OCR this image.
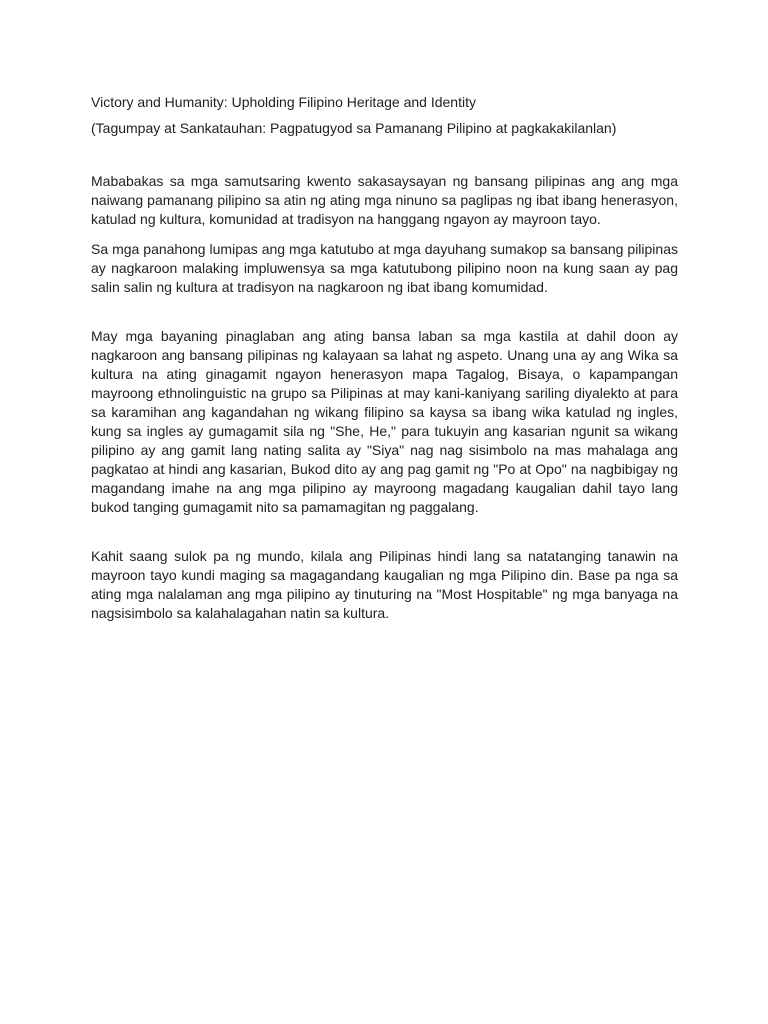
Victory and Humanity: Upholding Filipino Heritage and Identity

(Tagumpay at Sankatauhan: Pagpatugyod sa Pamanang Pilipino at pagkakakilanlan)

Mababakas sa mga samutsaring kwento sakasaysayan ng bansang pilipinas ang ang mga naiwang pamanang pilipino sa atin ng ating mga ninuno sa paglipas ng ibat ibang henerasyon, katulad ng kultura, komunidad at tradisyon na hanggang ngayon ay mayroon tayo.

Sa mga panahong lumipas ang mga katutubo at mga dayuhang sumakop sa bansang pilipinas ay nagkaroon malaking impluwensya sa mga katutubong pilipino noon na kung saan ay pag salin salin ng kultura at tradisyon na nagkaroon ng ibat ibang komumidad.

May mga bayaning pinaglaban ang ating bansa laban sa mga kastila at dahil doon ay nagkaroon ang bansang pilipinas ng kalayaan sa lahat ng aspeto. Unang una ay ang Wika sa kultura na ating ginagamit ngayon henerasyon mapa Tagalog, Bisaya, o kapampangan mayroong ethnolinguistic na grupo sa Pilipinas at may kani-kaniyang sariling diyalekto at para sa karamihan ang kagandahan ng wikang filipino sa kaysa sa ibang wika katulad ng ingles, kung sa ingles ay gumagamit sila ng "She, He," para tukuyin ang kasarian ngunit sa wikang pilipino ay ang gamit lang nating salita ay "Siya" nag nag sisimbolo na mas mahalaga ang pagkatao at hindi ang kasarian, Bukod dito ay ang pag gamit ng "Po at Opo" na nagbibigay ng magandang imahe na ang mga pilipino ay mayroong magadang kaugalian dahil tayo lang bukod tanging gumagamit nito sa pamamagitan ng paggalang.

Kahit saang sulok pa ng mundo, kilala ang Pilipinas hindi lang sa natatanging tanawin na mayroon tayo kundi maging sa magagandang kaugalian ng mga Pilipino din. Base pa nga sa ating mga nalalaman ang mga pilipino ay tinuturing na "Most Hospitable" ng mga banyaga na nagsisimbolo sa kalahalagahan natin sa kultura.
